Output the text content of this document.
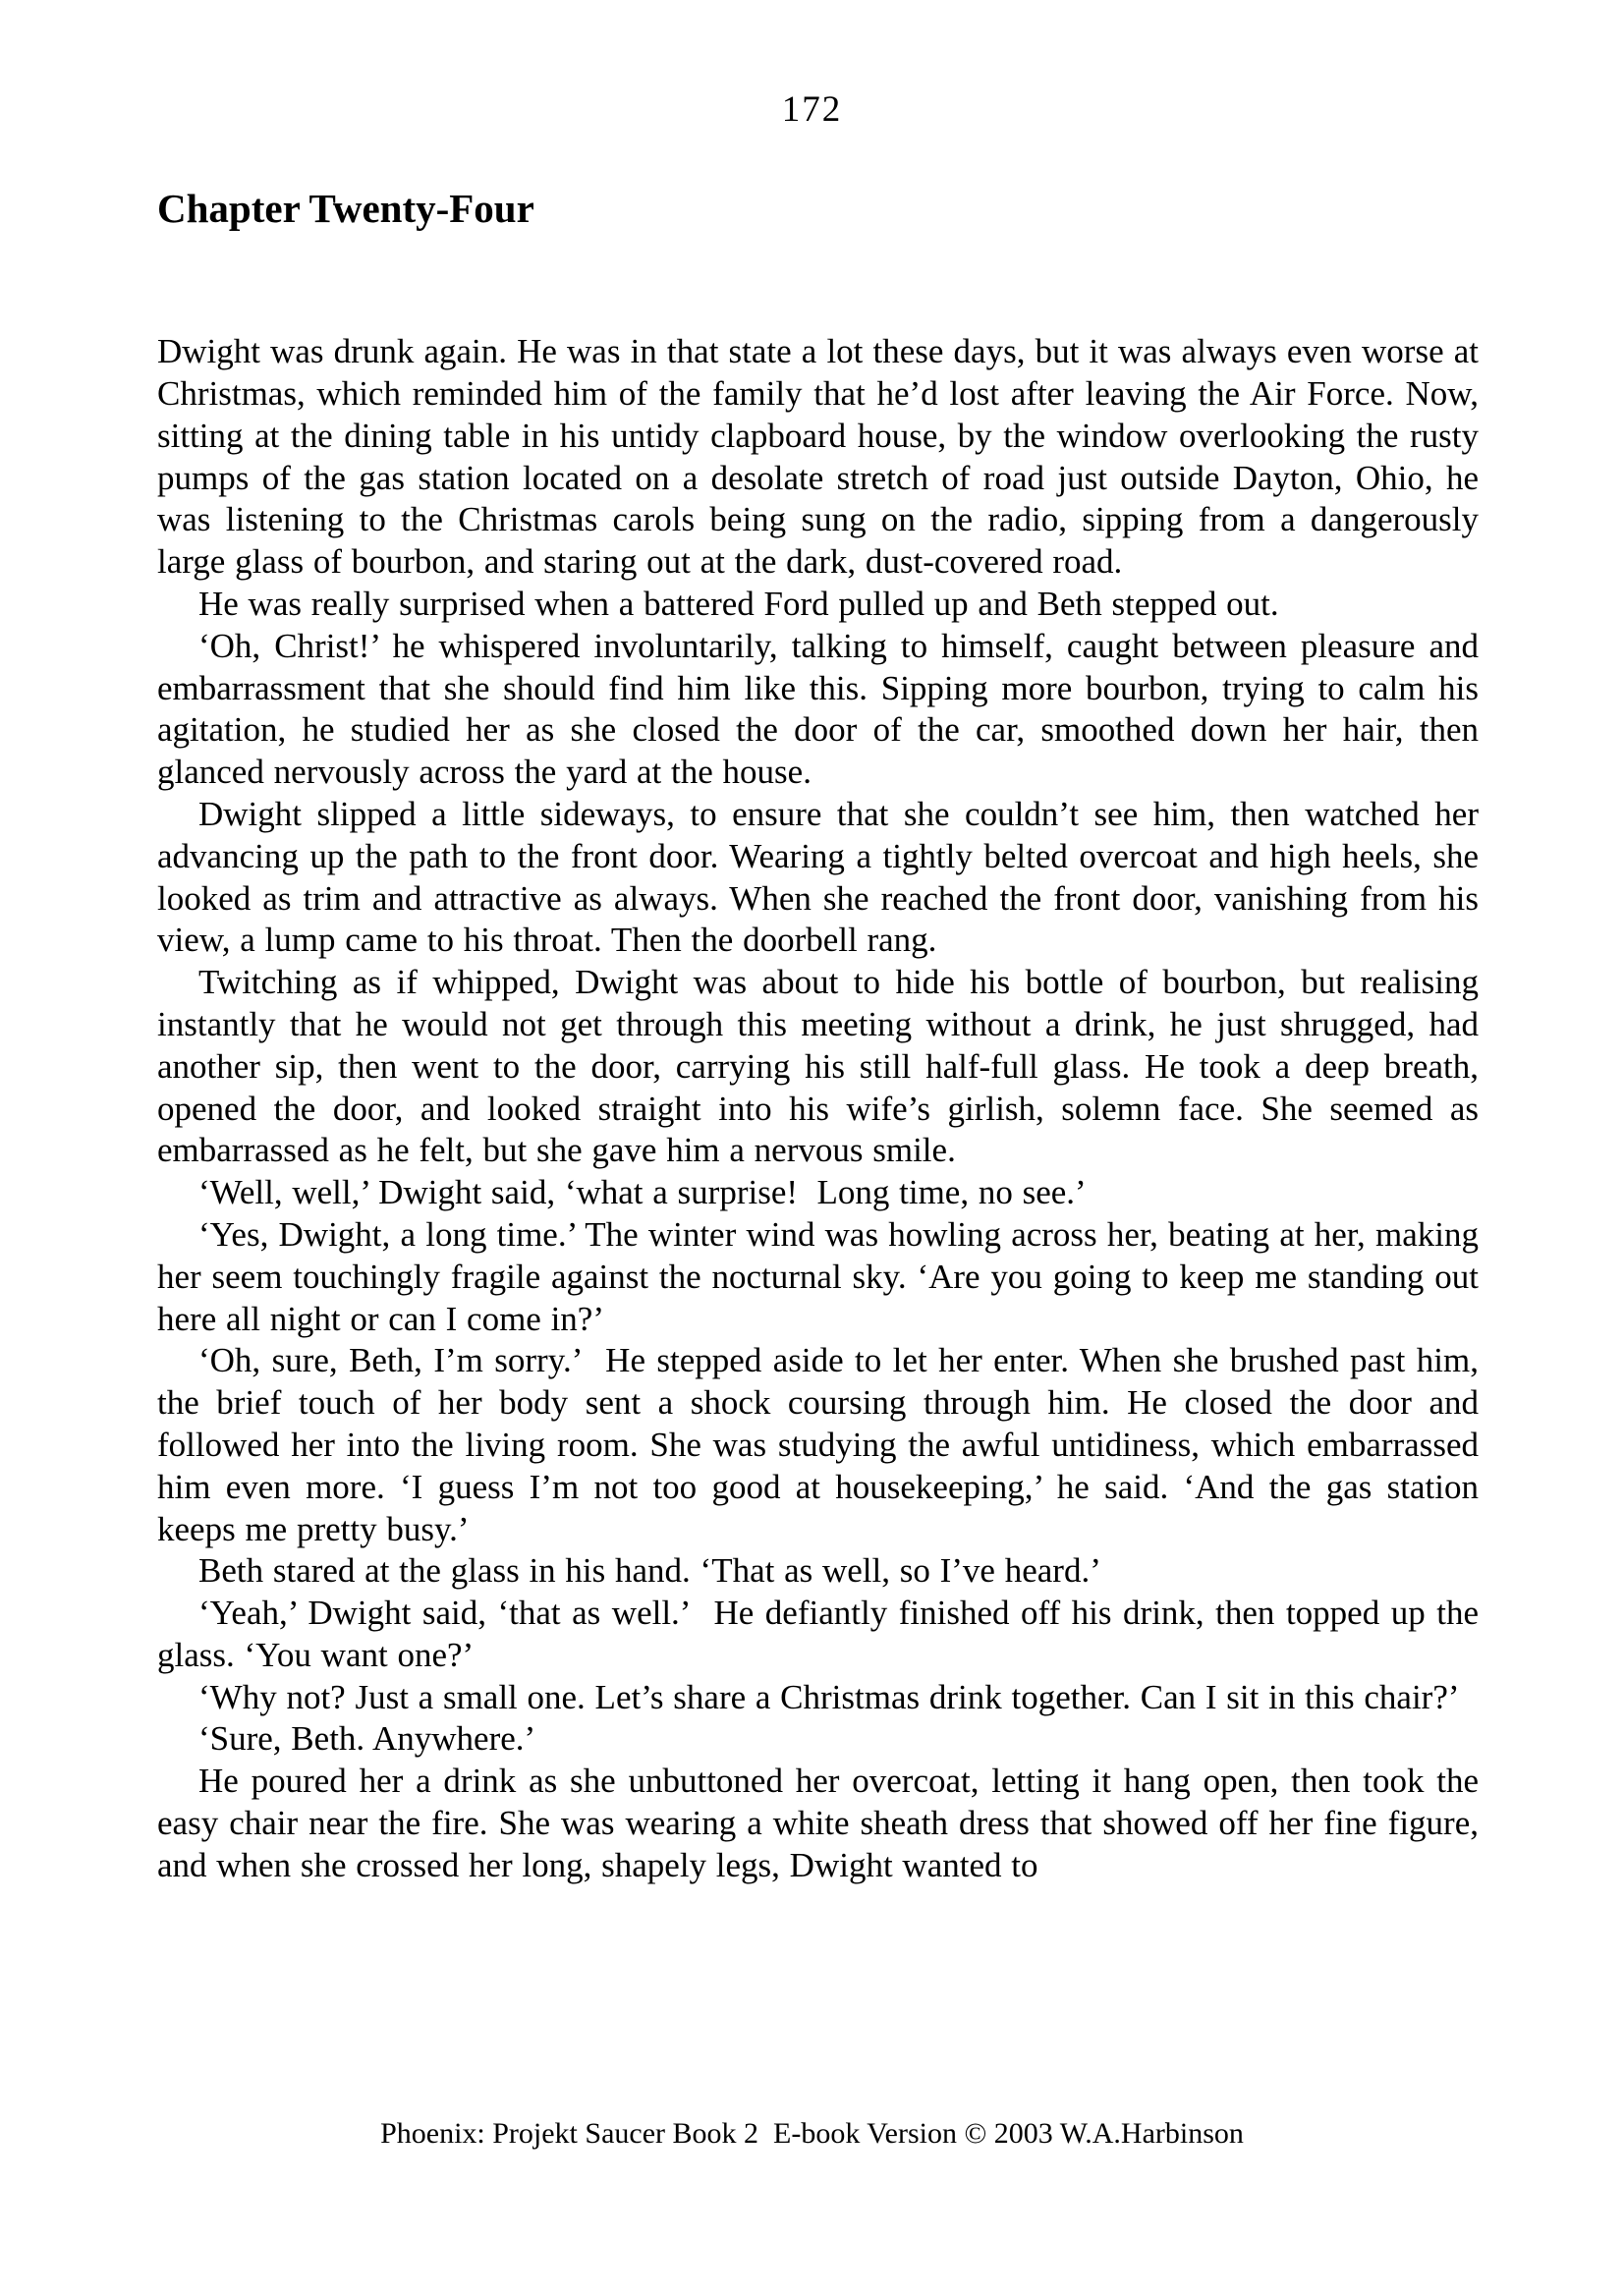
172
Chapter Twenty-Four

Dwight was drunk again. He was in that state a lot these days, but it was always even worse at Christmas, which reminded him of the family that he’d lost after leaving the Air Force. Now, sitting at the dining table in his untidy clapboard house, by the window overlooking the rusty pumps of the gas station located on a desolate stretch of road just outside Dayton, Ohio, he was listening to the Christmas carols being sung on the radio, sipping from a dangerously large glass of bourbon, and staring out at the dark, dust-covered road.

He was really surprised when a battered Ford pulled up and Beth stepped out.

‘Oh, Christ!’ he whispered involuntarily, talking to himself, caught between pleasure and embarrassment that she should find him like this. Sipping more bourbon, trying to calm his agitation, he studied her as she closed the door of the car, smoothed down her hair, then glanced nervously across the yard at the house.

Dwight slipped a little sideways, to ensure that she couldn’t see him, then watched her advancing up the path to the front door. Wearing a tightly belted overcoat and high heels, she looked as trim and attractive as always. When she reached the front door, vanishing from his view, a lump came to his throat. Then the doorbell rang.

Twitching as if whipped, Dwight was about to hide his bottle of bourbon, but realising instantly that he would not get through this meeting without a drink, he just shrugged, had another sip, then went to the door, carrying his still half-full glass. He took a deep breath, opened the door, and looked straight into his wife’s girlish, solemn face. She seemed as embarrassed as he felt, but she gave him a nervous smile.

‘Well, well,’ Dwight said, ‘what a surprise!  Long time, no see.’

‘Yes, Dwight, a long time.’ The winter wind was howling across her, beating at her, making her seem touchingly fragile against the nocturnal sky. ‘Are you going to keep me standing out here all night or can I come in?’

‘Oh, sure, Beth, I’m sorry.’  He stepped aside to let her enter. When she brushed past him, the brief touch of her body sent a shock coursing through him. He closed the door and followed her into the living room. She was studying the awful untidiness, which embarrassed him even more. ‘I guess I’m not too good at housekeeping,’ he said. ‘And the gas station keeps me pretty busy.’

Beth stared at the glass in his hand. ‘That as well, so I’ve heard.’

‘Yeah,’ Dwight said, ‘that as well.’  He defiantly finished off his drink, then topped up the glass. ‘You want one?’

‘Why not? Just a small one. Let’s share a Christmas drink together. Can I sit in this chair?’

‘Sure, Beth. Anywhere.’

He poured her a drink as she unbuttoned her overcoat, letting it hang open, then took the easy chair near the fire. She was wearing a white sheath dress that showed off her fine figure, and when she crossed her long, shapely legs, Dwight wanted to

Phoenix: Projekt Saucer Book 2  E-book Version © 2003 W.A.Harbinson
